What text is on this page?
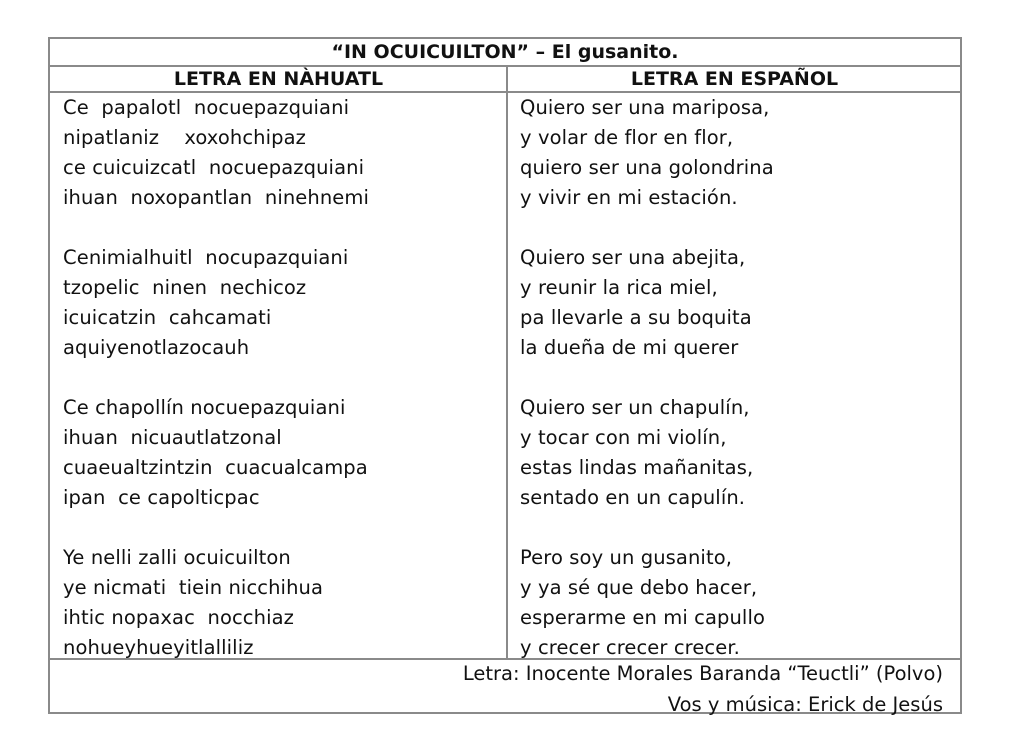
“IN OCUICUILTON” – El gusanito.
LETRA EN NÀHUATL	LETRA EN ESPAÑOL
Ce  papalotl  nocuepazquiani
nipatlaniz    xoxohchipaz
ce cuicuizcatl  nocuepazquiani
ihuan  noxopantlan  ninehnemi
Cenimialhuitl  nocupazquiani
tzopelic  ninen  nechicoz
icuicatzin  cahcamati
aquiyenotlazocauh
Ce chapollín nocuepazquiani
ihuan  nicuautlatzonal
cuaeualtzintzin  cuacualcampa
ipan  ce capolticpac
Ye nelli zalli ocuicuilton
ye nicmati  tiein nicchihua
ihtic nopaxac  nocchiaz
nohueyhueyitlalliliz
Quiero ser una mariposa,
y volar de flor en flor,
quiero ser una golondrina
y vivir en mi estación.
Quiero ser una abejita,
y reunir la rica miel,
pa llevarle a su boquita
la dueña de mi querer
Quiero ser un chapulín,
y tocar con mi violín,
estas lindas mañanitas,
sentado en un capulín.
Pero soy un gusanito,
y ya sé que debo hacer,
esperarme en mi capullo
y crecer crecer crecer.
Letra: Inocente Morales Baranda “Teuctli” (Polvo)
Vos y música: Erick de Jesús
